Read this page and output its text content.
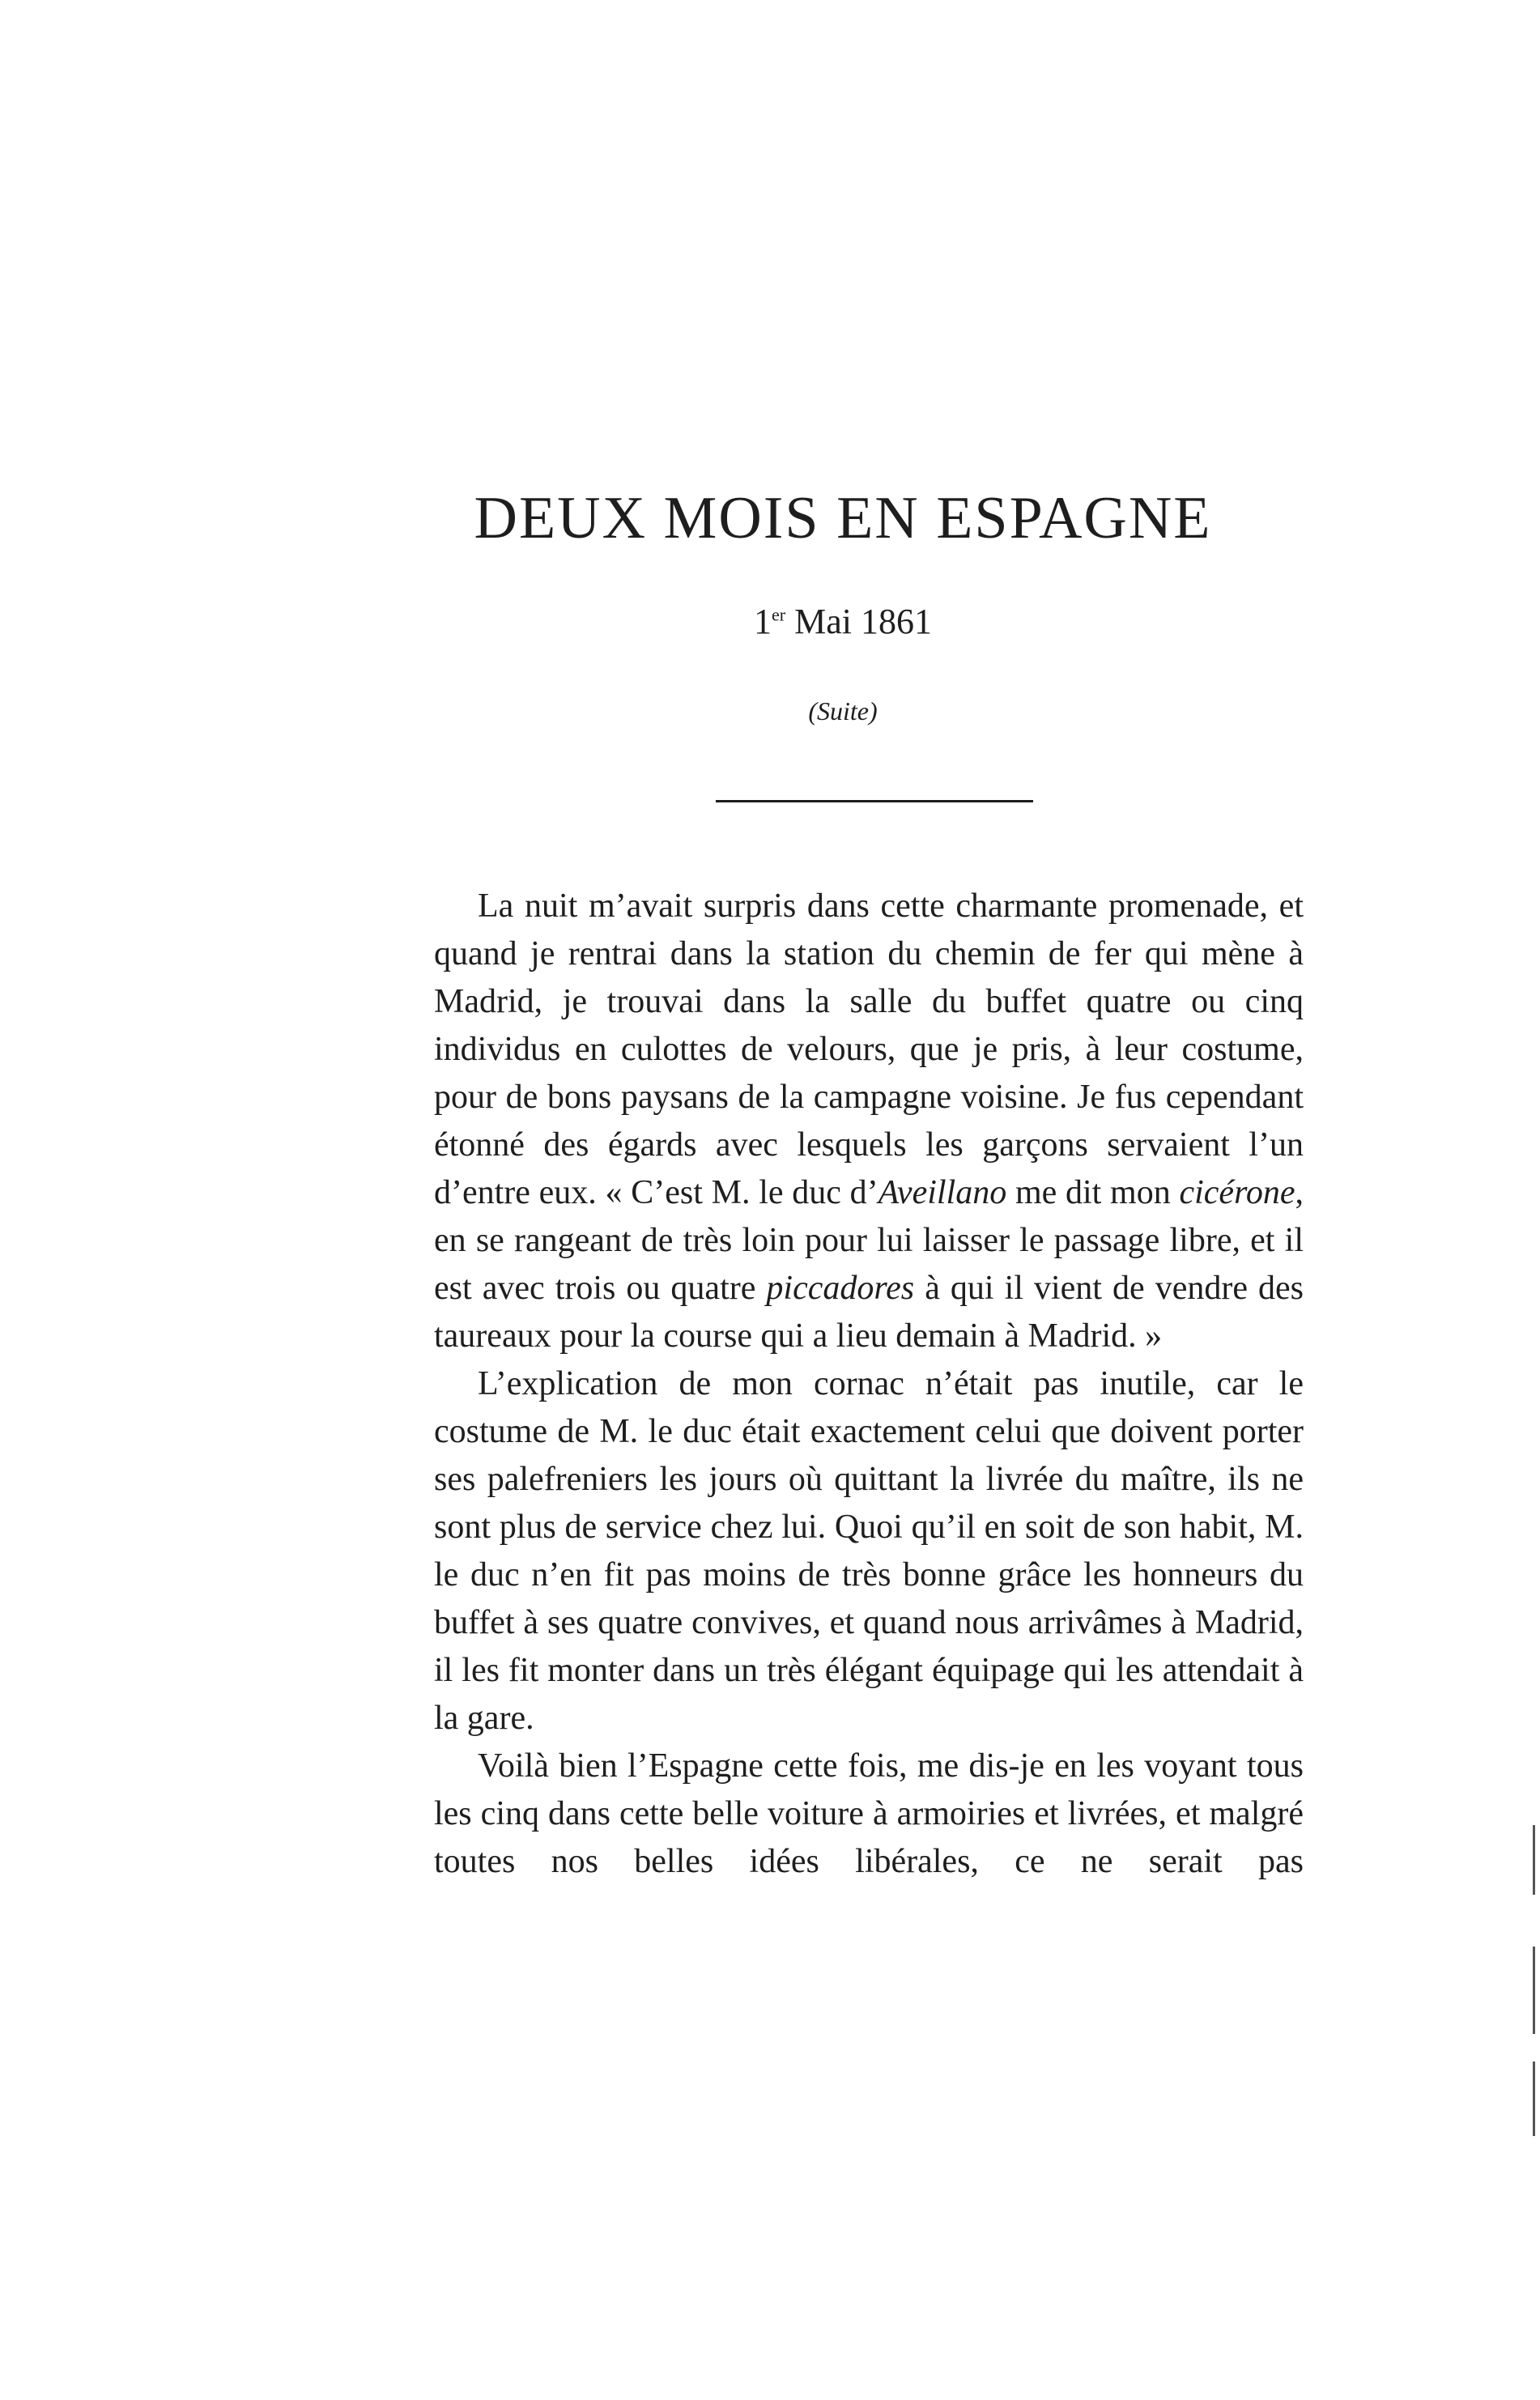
DEUX MOIS EN ESPAGNE
1er Mai 1861
(Suite)

La nuit m’avait surpris dans cette charmante promenade, et quand je rentrai dans la station du chemin de fer qui mène à Madrid, je trouvai dans la salle du buffet quatre ou cinq individus en culottes de velours, que je pris, à leur costume, pour de bons paysans de la campagne voisine. Je fus cependant étonné des égards avec lesquels les garçons servaient l’un d’entre eux. « C’est M. le duc d’Aveillano me dit mon cicérone, en se rangeant de très loin pour lui laisser le passage libre, et il est avec trois ou quatre piccadores à qui il vient de vendre des taureaux pour la course qui a lieu demain à Madrid. »

L’explication de mon cornac n’était pas inutile, car le costume de M. le duc était exactement celui que doivent porter ses palefreniers les jours où quittant la livrée du maître, ils ne sont plus de service chez lui. Quoi qu’il en soit de son habit, M. le duc n’en fit pas moins de très bonne grâce les honneurs du buffet à ses quatre convives, et quand nous arrivâmes à Madrid, il les fit monter dans un très élégant équipage qui les attendait à la gare.

Voilà bien l’Espagne cette fois, me dis-je en les voyant tous les cinq dans cette belle voiture à armoiries et livrées, et malgré toutes nos belles idées libérales, ce ne serait pas
